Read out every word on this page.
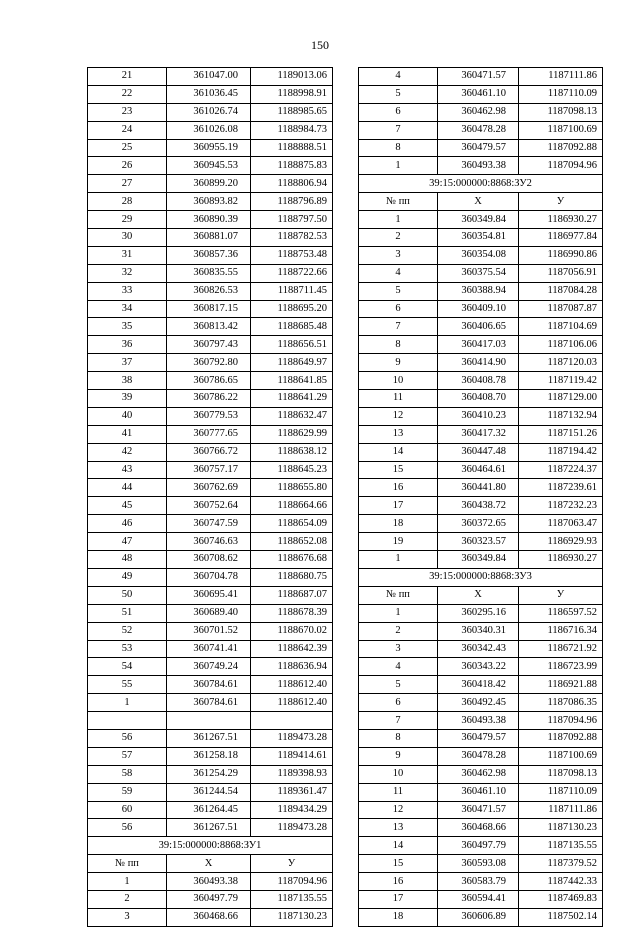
150
21	361047.00	1189013.06
22	361036.45	1188998.91
23	361026.74	1188985.65
24	361026.08	1188984.73
25	360955.19	1188888.51
26	360945.53	1188875.83
27	360899.20	1188806.94
28	360893.82	1188796.89
29	360890.39	1188797.50
30	360881.07	1188782.53
31	360857.36	1188753.48
32	360835.55	1188722.66
33	360826.53	1188711.45
34	360817.15	1188695.20
35	360813.42	1188685.48
36	360797.43	1188656.51
37	360792.80	1188649.97
38	360786.65	1188641.85
39	360786.22	1188641.29
40	360779.53	1188632.47
41	360777.65	1188629.99
42	360766.72	1188638.12
43	360757.17	1188645.23
44	360762.69	1188655.80
45	360752.64	1188664.66
46	360747.59	1188654.09
47	360746.63	1188652.08
48	360708.62	1188676.68
49	360704.78	1188680.75
50	360695.41	1188687.07
51	360689.40	1188678.39
52	360701.52	1188670.02
53	360741.41	1188642.39
54	360749.24	1188636.94
55	360784.61	1188612.40
1	360784.61	1188612.40

56	361267.51	1189473.28
57	361258.18	1189414.61
58	361254.29	1189398.93
59	361244.54	1189361.47
60	361264.45	1189434.29
56	361267.51	1189473.28
39:15:000000:8868:ЗУ1		
№ пп	X	У
1	360493.38	1187094.96
2	360497.79	1187135.55
3	360468.66	1187130.23
4	360471.57	1187111.86
5	360461.10	1187110.09
6	360462.98	1187098.13
7	360478.28	1187100.69
8	360479.57	1187092.88
1	360493.38	1187094.96
39:15:000000:8868:ЗУ2		
№ пп	X	У
1	360349.84	1186930.27
2	360354.81	1186977.84
3	360354.08	1186990.86
4	360375.54	1187056.91
5	360388.94	1187084.28
6	360409.10	1187087.87
7	360406.65	1187104.69
8	360417.03	1187106.06
9	360414.90	1187120.03
10	360408.78	1187119.42
11	360408.70	1187129.00
12	360410.23	1187132.94
13	360417.32	1187151.26
14	360447.48	1187194.42
15	360464.61	1187224.37
16	360441.80	1187239.61
17	360438.72	1187232.23
18	360372.65	1187063.47
19	360323.57	1186929.93
1	360349.84	1186930.27
39:15:000000:8868:ЗУ3		
№ пп	X	У
1	360295.16	1186597.52
2	360340.31	1186716.34
3	360342.43	1186721.92
4	360343.22	1186723.99
5	360418.42	1186921.88
6	360492.45	1187086.35
7	360493.38	1187094.96
8	360479.57	1187092.88
9	360478.28	1187100.69
10	360462.98	1187098.13
11	360461.10	1187110.09
12	360471.57	1187111.86
13	360468.66	1187130.23
14	360497.79	1187135.55
15	360593.08	1187379.52
16	360583.79	1187442.33
17	360594.41	1187469.83
18	360606.89	1187502.14
